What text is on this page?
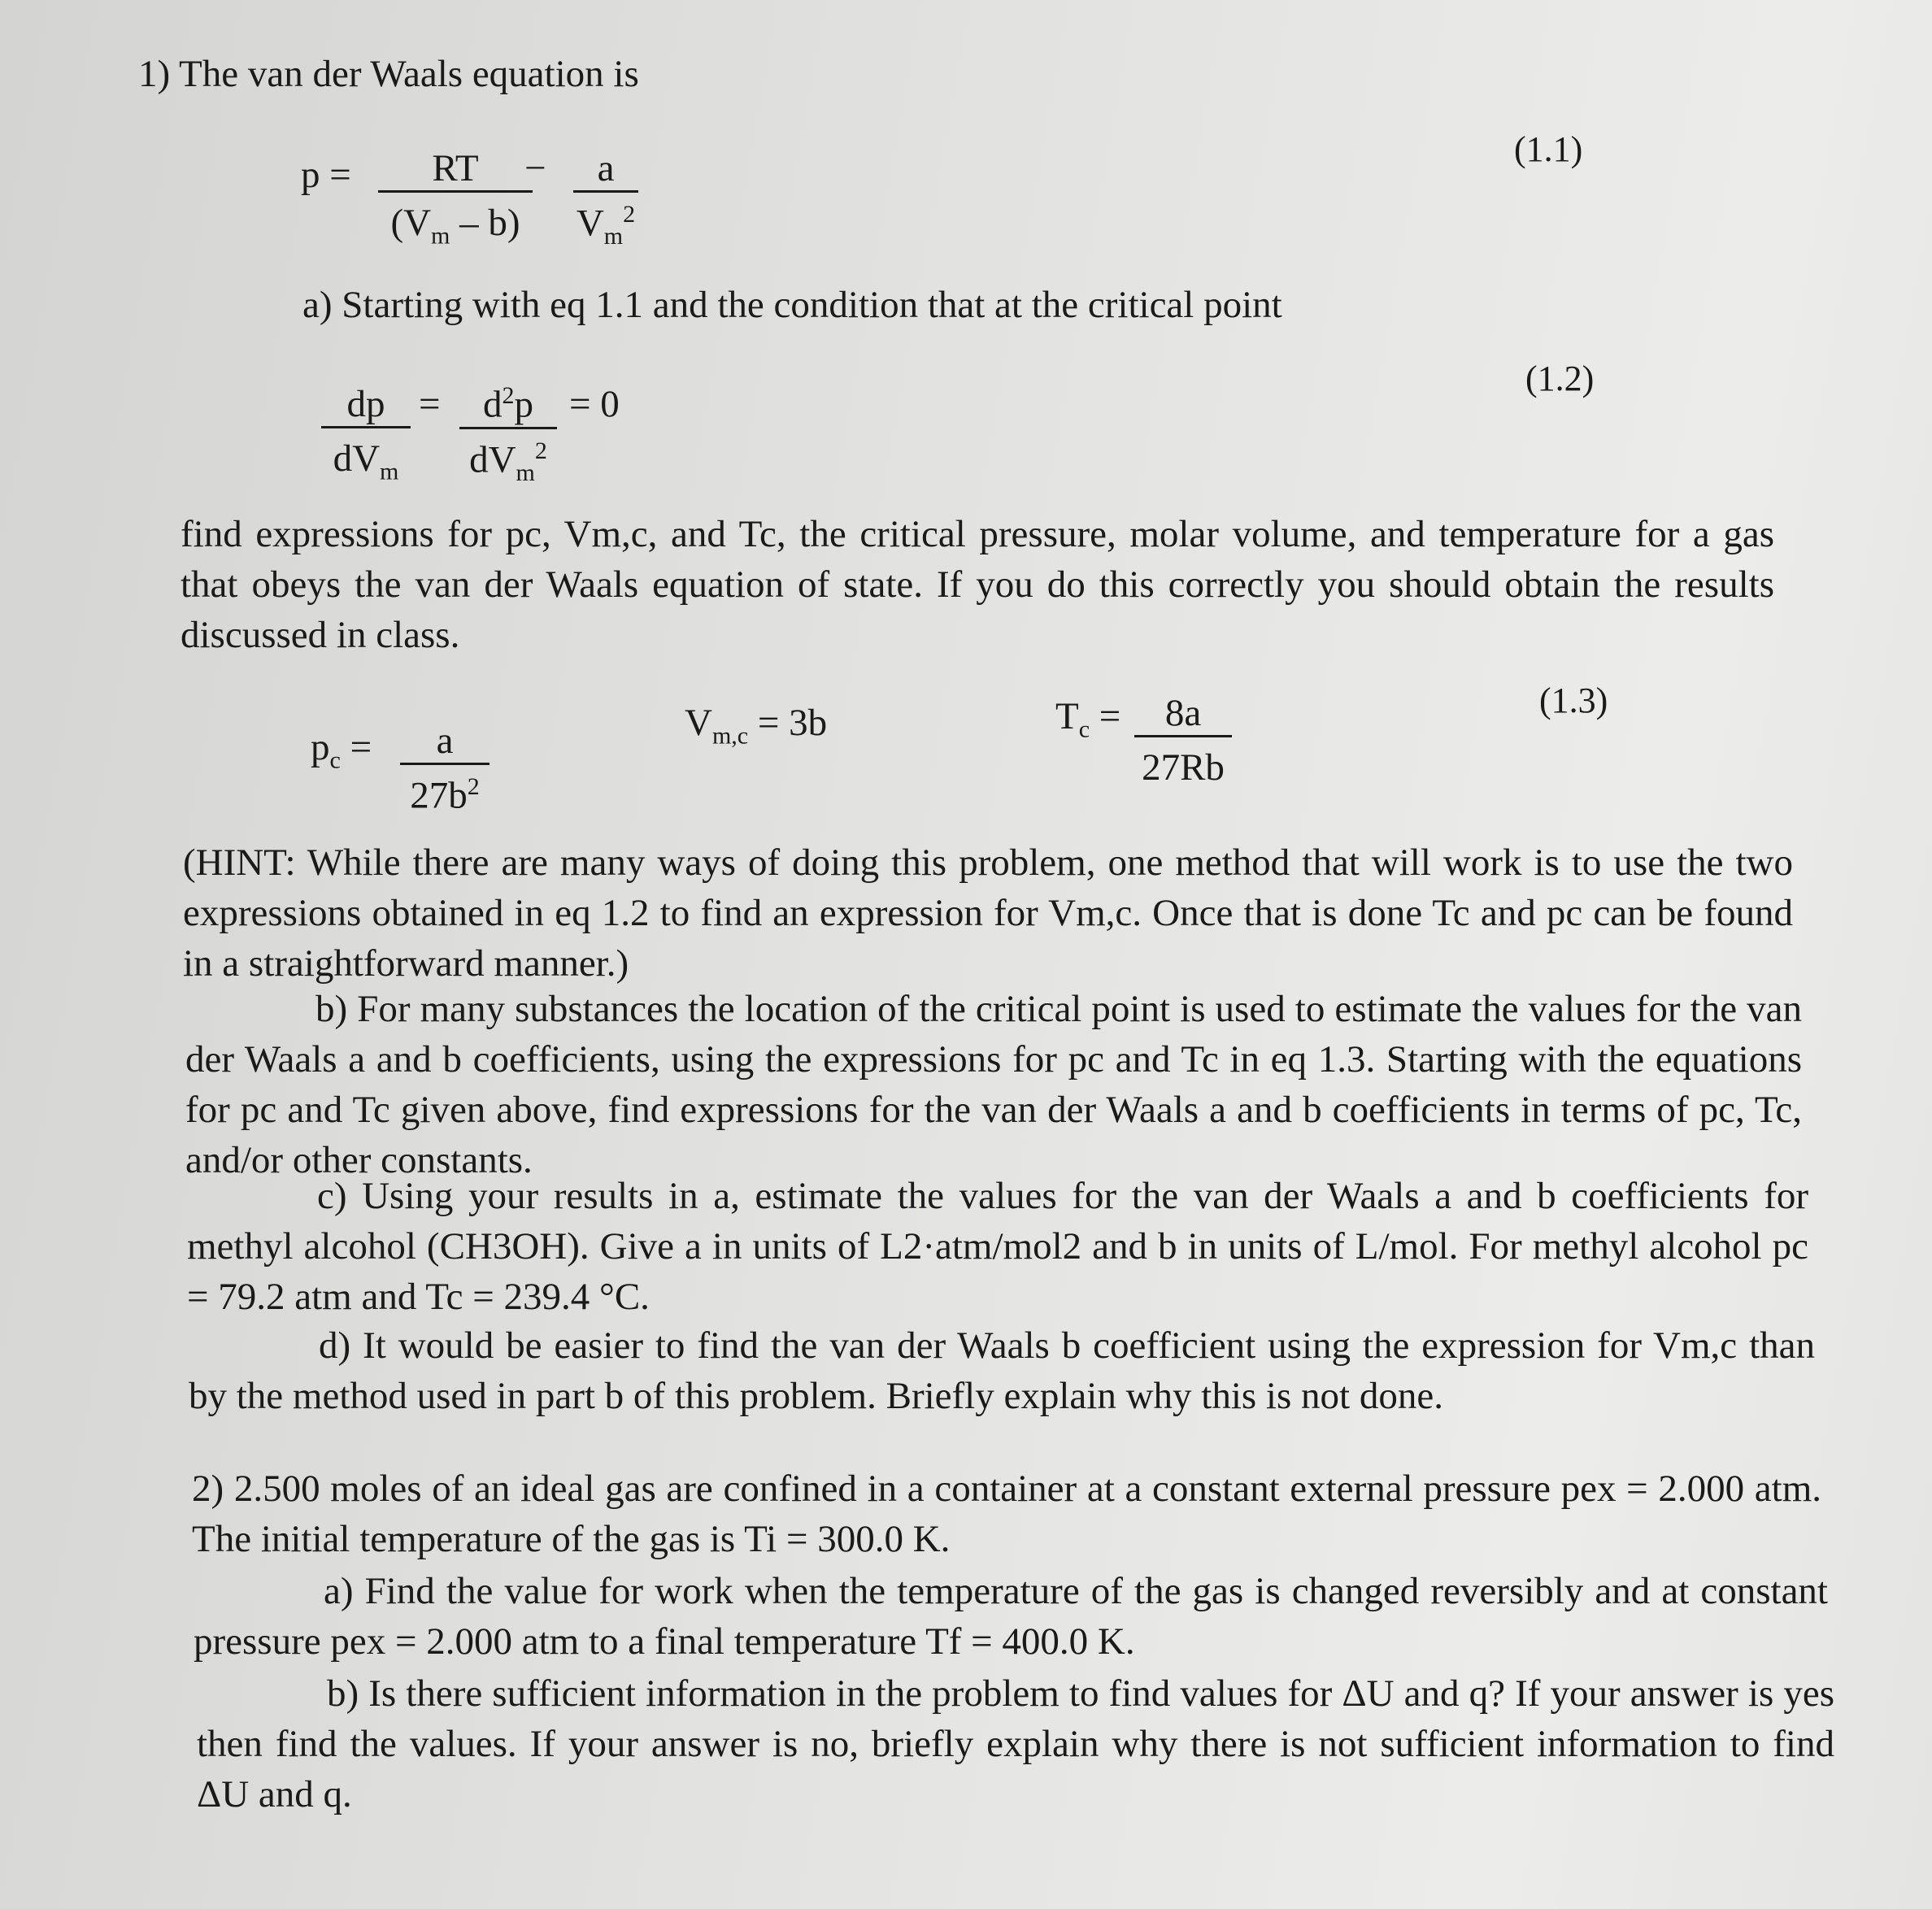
1) The van der Waals equation is
$p = \frac{RT}{(V_m - b)}$
− $\frac{a}{V_m^2}$	(1.1)
a) Starting with eq 1.1 and the condition that at the critical point
dp
$dV_m$
=	$d^2p$
$dV_m^2$
= 0
(1.2)
find expressions for pc, Vm,c, and Tc, the critical pressure, molar volume, and temperature for a gas that obeys the van der Waals equation of state. If you do this correctly you should obtain the results discussed in class.
$p_c = \frac{a}{27b^2}$	$V_{m,c} = 3b$	$T_c = \frac{8a}{27Rb}$	(1.3)
(HINT: While there are many ways of doing this problem, one method that will work is to use the two expressions obtained in eq 1.2 to find an expression for Vm,c. Once that is done Tc and pc can be found in a straightforward manner.)
b) For many substances the location of the critical point is used to estimate the values for the van der Waals a and b coefficients, using the expressions for pc and Tc in eq 1.3. Starting with the equations for pc and Tc given above, find expressions for the van der Waals a and b coefficients in terms of pc, Tc, and/or other constants.
c) Using your results in a, estimate the values for the van der Waals a and b coefficients for methyl alcohol (CH3OH). Give a in units of L2·atm/mol2 and b in units of L/mol. For methyl alcohol pc = 79.2 atm and Tc = 239.4 °C.
d) It would be easier to find the van der Waals b coefficient using the expression for Vm,c than by the method used in part b of this problem. Briefly explain why this is not done.
2) 2.500 moles of an ideal gas are confined in a container at a constant external pressure pex = 2.000 atm. The initial temperature of the gas is Ti = 300.0 K.
a) Find the value for work when the temperature of the gas is changed reversibly and at constant pressure pex = 2.000 atm to a final temperature Tf = 400.0 K.
b) Is there sufficient information in the problem to find values for ΔU and q? If your answer is yes then find the values. If your answer is no, briefly explain why there is not sufficient information to find ΔU and q.
